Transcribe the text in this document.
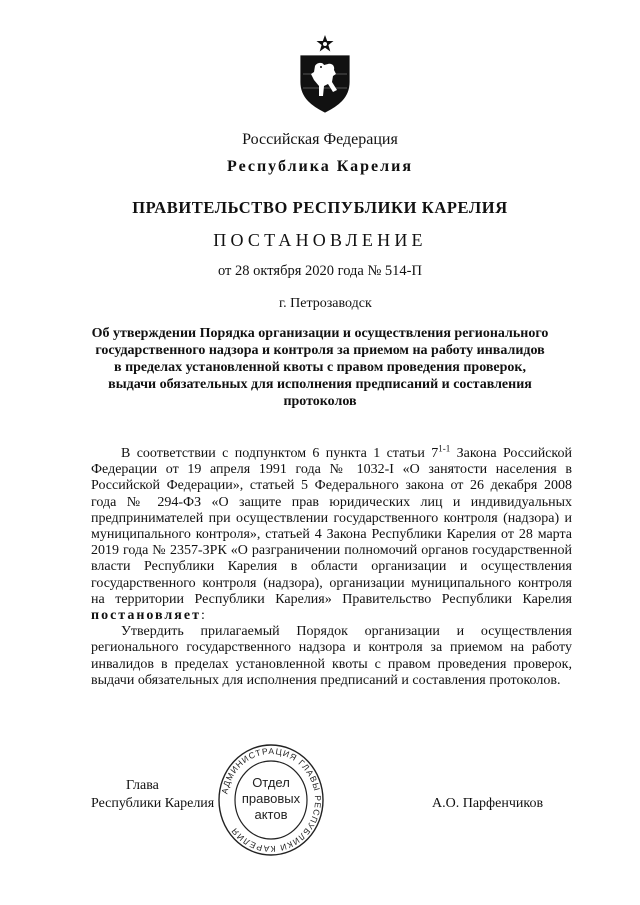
Российская Федерация
Республика Карелия
ПРАВИТЕЛЬСТВО РЕСПУБЛИКИ КАРЕЛИЯ
ПОСТАНОВЛЕНИЕ
от 28 октября 2020 года № 514-П
г. Петрозаводск
Об утверждении Порядка организации и осуществления регионального государственного надзора и контроля за приемом на работу инвалидов в пределах установленной квоты с правом проведения проверок, выдачи обязательных для исполнения предписаний и составления протоколов

В соответствии с подпунктом 6 пункта 1 статьи 7$^{1-1}$ Закона Российской Федерации от 19 апреля 1991 года № 1032-I «О занятости населения в Российской Федерации», статьей 5 Федерального закона от 26 декабря 2008 года № 294-ФЗ «О защите прав юридических лиц и индивидуальных предпринимателей при осуществлении государственного контроля (надзора) и муниципального контроля», статьей 4 Закона Республики Карелия от 28 марта 2019 года № 2357-ЗРК «О разграничении полномочий органов государственной власти Республики Карелия в области организации и осуществления государственного контроля (надзора), организации муниципального контроля на территории Республики Карелия» Правительство Республики Карелия постановляет:

Утвердить прилагаемый Порядок организации и осуществления регионального государственного надзора и контроля за приемом на работу инвалидов в пределах установленной квоты с правом проведения проверок, выдачи обязательных для исполнения предписаний и составления протоколов.

Глава
Республики Карелия	А.О. Парфенчиков
АДМИНИСТРАЦИЯ ГЛАВЫ РЕСПУБЛИКИ КАРЕЛИЯ
Отдел
правовых
актов
